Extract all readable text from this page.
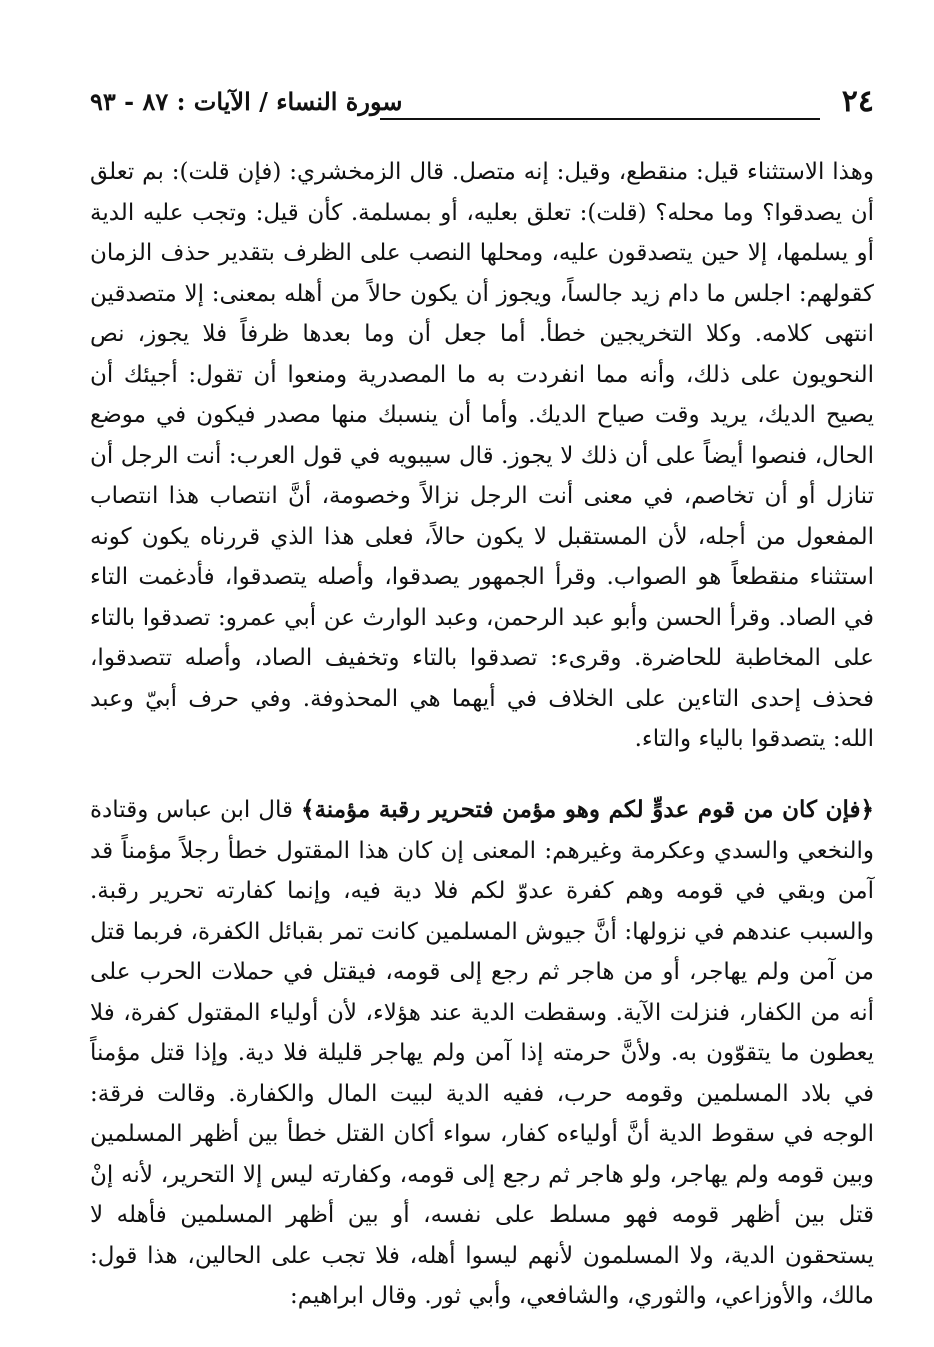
٢٤
سورة النساء / الآيات : ٨٧ - ٩٣

وهذا الاستثناء قيل: منقطع، وقيل: إنه متصل. قال الزمخشري: (فإن قلت): بم تعلق أن يصدقوا؟ وما محله؟ (قلت): تعلق بعليه، أو بمسلمة. كأن قيل: وتجب عليه الدية أو يسلمها، إلا حين يتصدقون عليه، ومحلها النصب على الظرف بتقدير حذف الزمان كقولهم: اجلس ما دام زيد جالساً، ويجوز أن يكون حالاً من أهله بمعنى: إلا متصدقين انتهى كلامه. وكلا التخريجين خطأ. أما جعل أن وما بعدها ظرفاً فلا يجوز، نص النحويون على ذلك، وأنه مما انفردت به ما المصدرية ومنعوا أن تقول: أجيئك أن يصيح الديك، يريد وقت صياح الديك. وأما أن ينسبك منها مصدر فيكون في موضع الحال، فنصوا أيضاً على أن ذلك لا يجوز. قال سيبويه في قول العرب: أنت الرجل أن تنازل أو أن تخاصم، في معنى أنت الرجل نزالاً وخصومة، أنَّ انتصاب هذا انتصاب المفعول من أجله، لأن المستقبل لا يكون حالاً، فعلى هذا الذي قررناه يكون كونه استثناء منقطعاً هو الصواب. وقرأ الجمهور يصدقوا، وأصله يتصدقوا، فأدغمت التاء في الصاد. وقرأ الحسن وأبو عبد الرحمن، وعبد الوارث عن أبي عمرو: تصدقوا بالتاء على المخاطبة للحاضرة. وقرىء: تصدقوا بالتاء وتخفيف الصاد، وأصله تتصدقوا، فحذف إحدى التاءين على الخلاف في أيهما هي المحذوفة. وفي حرف أبيّ وعبد الله: يتصدقوا بالياء والتاء.

﴿فإن كان من قوم عدوٍّ لكم وهو مؤمن فتحرير رقبة مؤمنة﴾ قال ابن عباس وقتادة والنخعي والسدي وعكرمة وغيرهم: المعنى إن كان هذا المقتول خطأ رجلاً مؤمناً قد آمن وبقي في قومه وهم كفرة عدوّ لكم فلا دية فيه، وإنما كفارته تحرير رقبة. والسبب عندهم في نزولها: أنَّ جيوش المسلمين كانت تمر بقبائل الكفرة، فربما قتل من آمن ولم يهاجر، أو من هاجر ثم رجع إلى قومه، فيقتل في حملات الحرب على أنه من الكفار، فنزلت الآية. وسقطت الدية عند هؤلاء، لأن أولياء المقتول كفرة، فلا يعطون ما يتقوّون به. ولأنَّ حرمته إذا آمن ولم يهاجر قليلة فلا دية. وإذا قتل مؤمناً في بلاد المسلمين وقومه حرب، ففيه الدية لبيت المال والكفارة. وقالت فرقة: الوجه في سقوط الدية أنَّ أولياءه كفار، سواء أكان القتل خطأ بين أظهر المسلمين وبين قومه ولم يهاجر، ولو هاجر ثم رجع إلى قومه، وكفارته ليس إلا التحرير، لأنه إنْ قتل بين أظهر قومه فهو مسلط على نفسه، أو بين أظهر المسلمين فأهله لا يستحقون الدية، ولا المسلمون لأنهم ليسوا أهله، فلا تجب على الحالين، هذا قول: مالك، والأوزاعي، والثوري، والشافعي، وأبي ثور. وقال ابراهيم:
